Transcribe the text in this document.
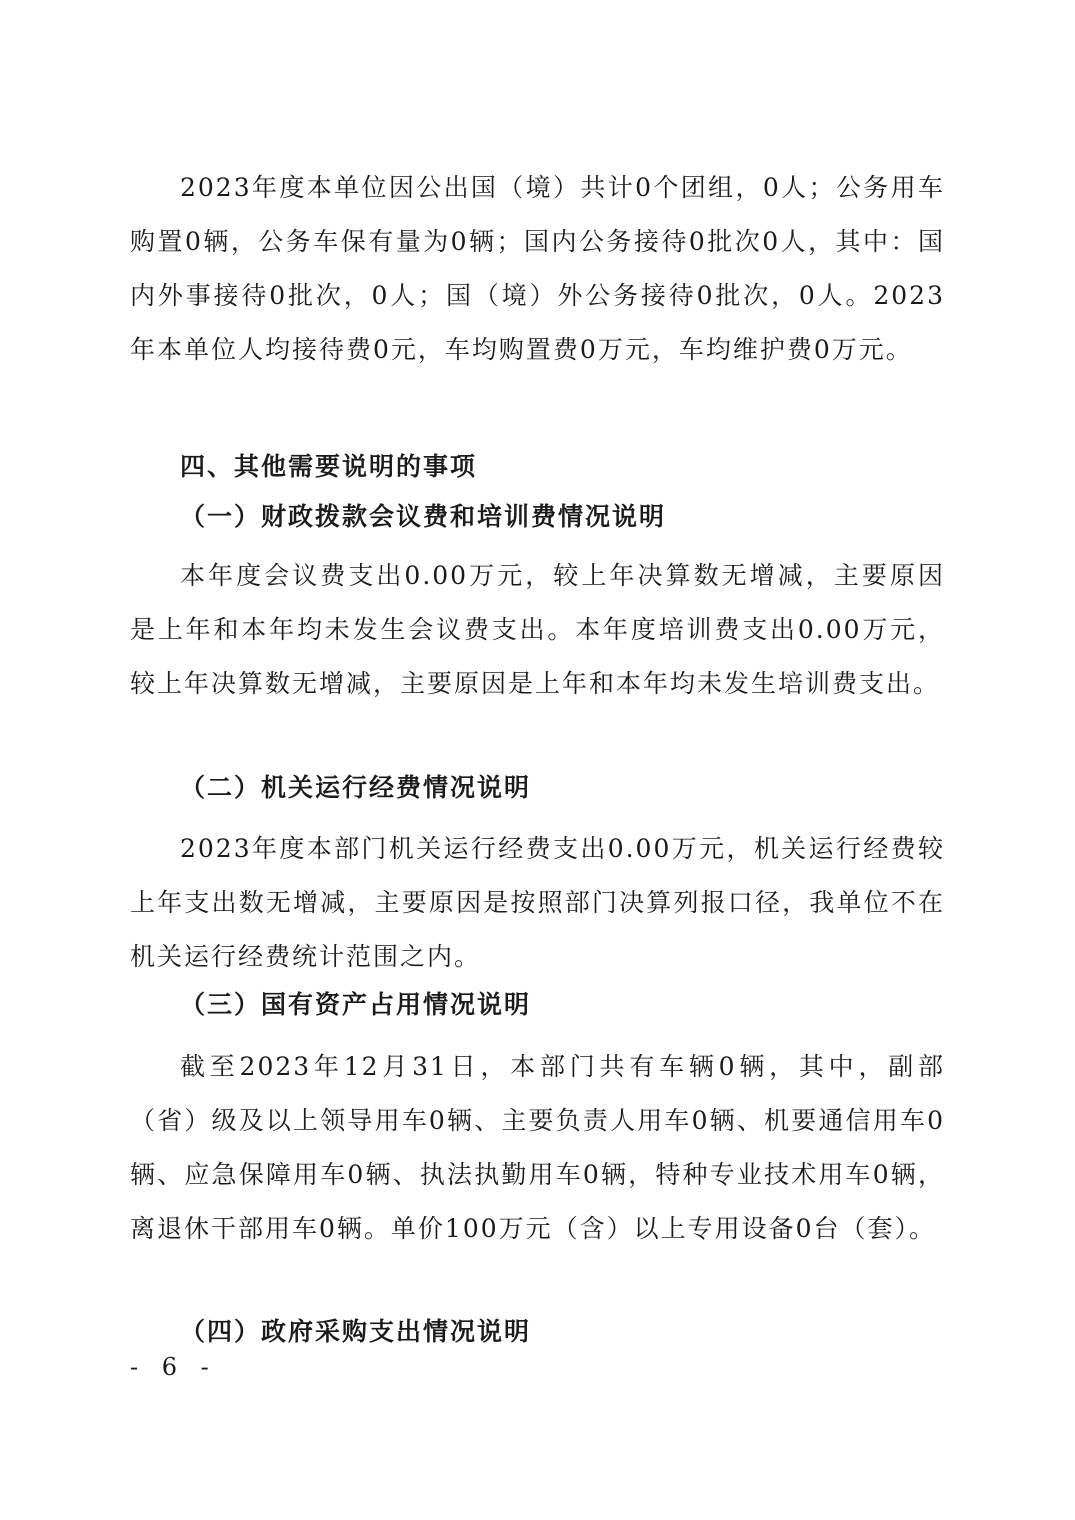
2023年度本单位因公出国（境）共计0个团组，0人；公务用车购置0辆，公务车保有量为0辆；国内公务接待0批次0人，其中：国内外事接待0批次，0人；国（境）外公务接待0批次，0人。2023年本单位人均接待费0元，车均购置费0万元，车均维护费0万元。

四、其他需要说明的事项

（一）财政拨款会议费和培训费情况说明

本年度会议费支出0.00万元，较上年决算数无增减，主要原因是上年和本年均未发生会议费支出。本年度培训费支出0.00万元，较上年决算数无增减，主要原因是上年和本年均未发生培训费支出。

（二）机关运行经费情况说明

2023年度本部门机关运行经费支出0.00万元，机关运行经费较上年支出数无增减，主要原因是按照部门决算列报口径，我单位不在机关运行经费统计范围之内。

（三）国有资产占用情况说明

截至2023年12月31日，本部门共有车辆0辆，其中，副部（省）级及以上领导用车0辆、主要负责人用车0辆、机要通信用车0辆、应急保障用车0辆、执法执勤用车0辆，特种专业技术用车0辆，离退休干部用车0辆。单价100万元（含）以上专用设备0台（套）。

（四）政府采购支出情况说明

- 6 -
